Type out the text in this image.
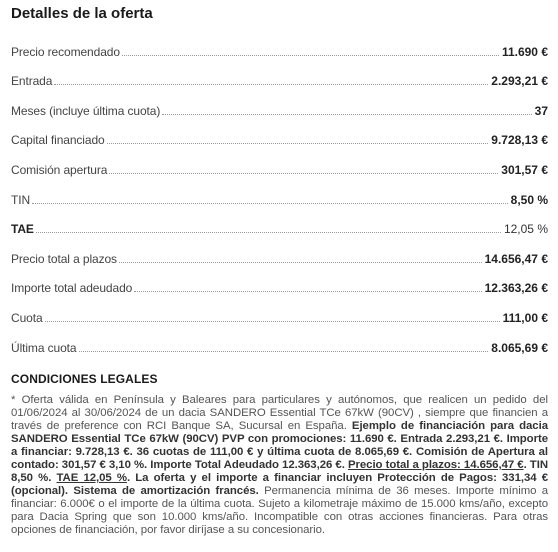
Detalles de la oferta
Precio recomendado	11.690 €
Entrada	2.293,21 €
Meses (incluye última cuota)	37
Capital financiado	9.728,13 €
Comisión apertura	301,57 €
TIN	8,50 %
TAE	12,05 %
Precio total a plazos	14.656,47 €
Importe total adeudado	12.363,26 €
Cuota	111,00 €
Última cuota	8.065,69 €
CONDICIONES LEGALES

* Oferta válida en Península y Baleares para particulares y autónomos, que realicen un pedido del 01/06/2024 al 30/06/2024 de un dacia SANDERO Essential TCe 67kW (90CV) , siempre que financien a través de preference con RCI Banque SA, Sucursal en España. Ejemplo de financiación para dacia SANDERO Essential TCe 67kW (90CV) PVP con promociones: 11.690 €. Entrada 2.293,21 €. Importe a financiar: 9.728,13 €. 36 cuotas de 111,00 € y última cuota de 8.065,69 €. Comisión de Apertura al contado: 301,57 € 3,10 %. Importe Total Adeudado 12.363,26 €. Precio total a plazos: 14.656,47 €. TIN 8,50 %. TAE 12,05 %. La oferta y el importe a financiar incluyen Protección de Pagos: 331,34 € (opcional). Sistema de amortización francés. Permanencia mínima de 36 meses. Importe mínimo a financiar: 6.000€ o el importe de la última cuota. Sujeto a kilometraje máximo de 15.000 kms/año, excepto para Dacia Spring que son 10.000 kms/año. Incompatible con otras acciones financieras. Para otras opciones de financiación, por favor diríjase a su concesionario.
